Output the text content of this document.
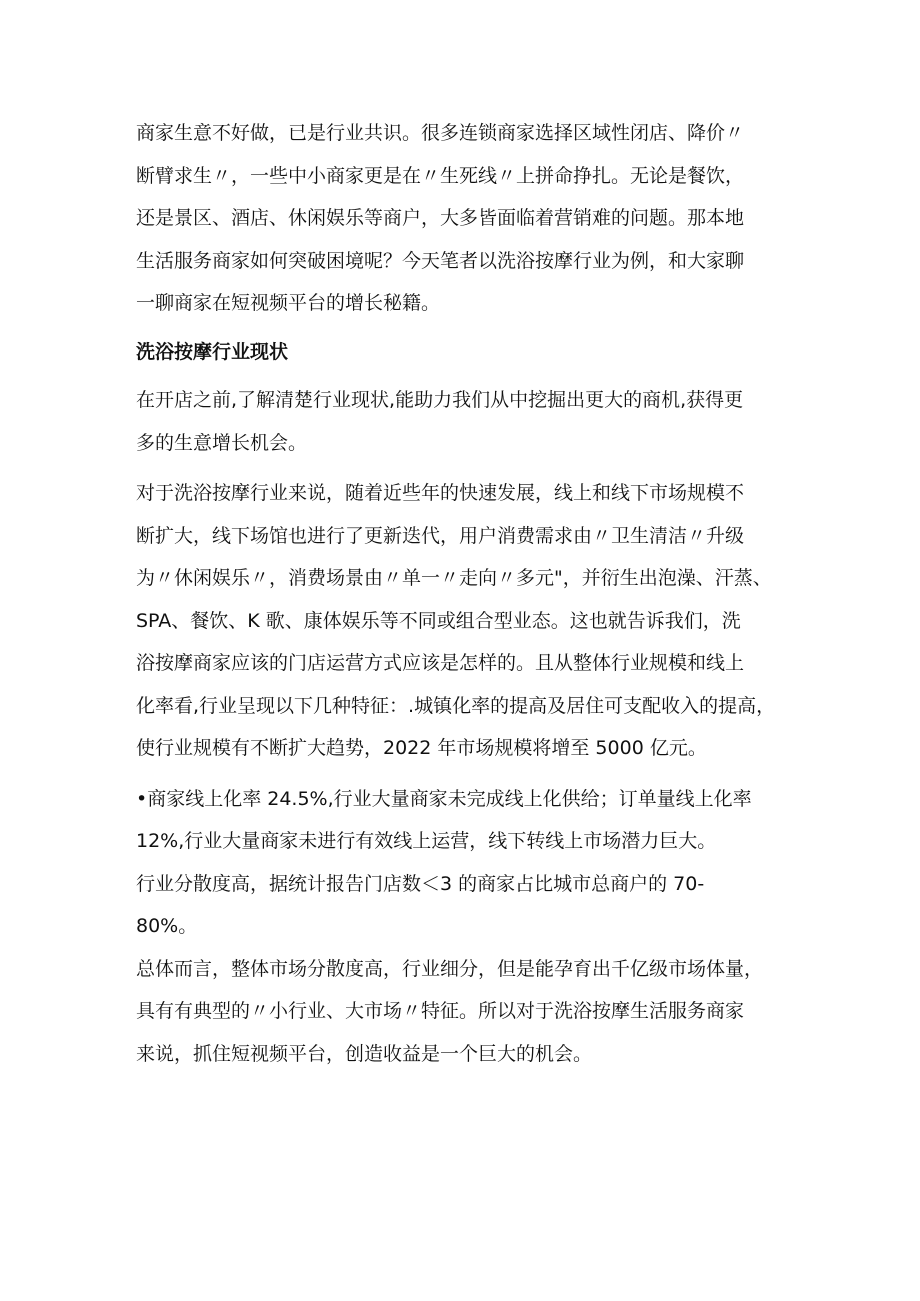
商家生意不好做，已是行业共识。很多连锁商家选择区域性闭店、降价〃
断臂求生〃，一些中小商家更是在〃生死线〃上拼命挣扎。无论是餐饮，
还是景区、酒店、休闲娱乐等商户，大多皆面临着营销难的问题。那本地
生活服务商家如何突破困境呢？今天笔者以洗浴按摩行业为例，和大家聊
一聊商家在短视频平台的增长秘籍。

洗浴按摩行业现状

在开店之前,了解清楚行业现状,能助力我们从中挖掘出更大的商机,获得更
多的生意增长机会。

对于洗浴按摩行业来说，随着近些年的快速发展，线上和线下市场规模不
断扩大，线下场馆也进行了更新迭代，用户消费需求由〃卫生清洁〃升级
为〃休闲娱乐〃，消费场景由〃单一〃走向〃多元"，并衍生出泡澡、汗蒸、
SPA、餐饮、K 歌、康体娱乐等不同或组合型业态。这也就告诉我们，洗
浴按摩商家应该的门店运营方式应该是怎样的。且从整体行业规模和线上
化率看,行业呈现以下几种特征：.城镇化率的提高及居住可支配收入的提高，
使行业规模有不断扩大趋势，2022 年市场规模将增至 5000 亿元。

•商家线上化率 24.5%,行业大量商家未完成线上化供给；订单量线上化率
12%,行业大量商家未进行有效线上运营，线下转线上市场潜力巨大。

行业分散度高，据统计报告门店数＜3 的商家占比城市总商户的 70-
80%。

总体而言，整体市场分散度高，行业细分，但是能孕育出千亿级市场体量，
具有有典型的〃小行业、大市场〃特征。所以对于洗浴按摩生活服务商家
来说，抓住短视频平台，创造收益是一个巨大的机会。
